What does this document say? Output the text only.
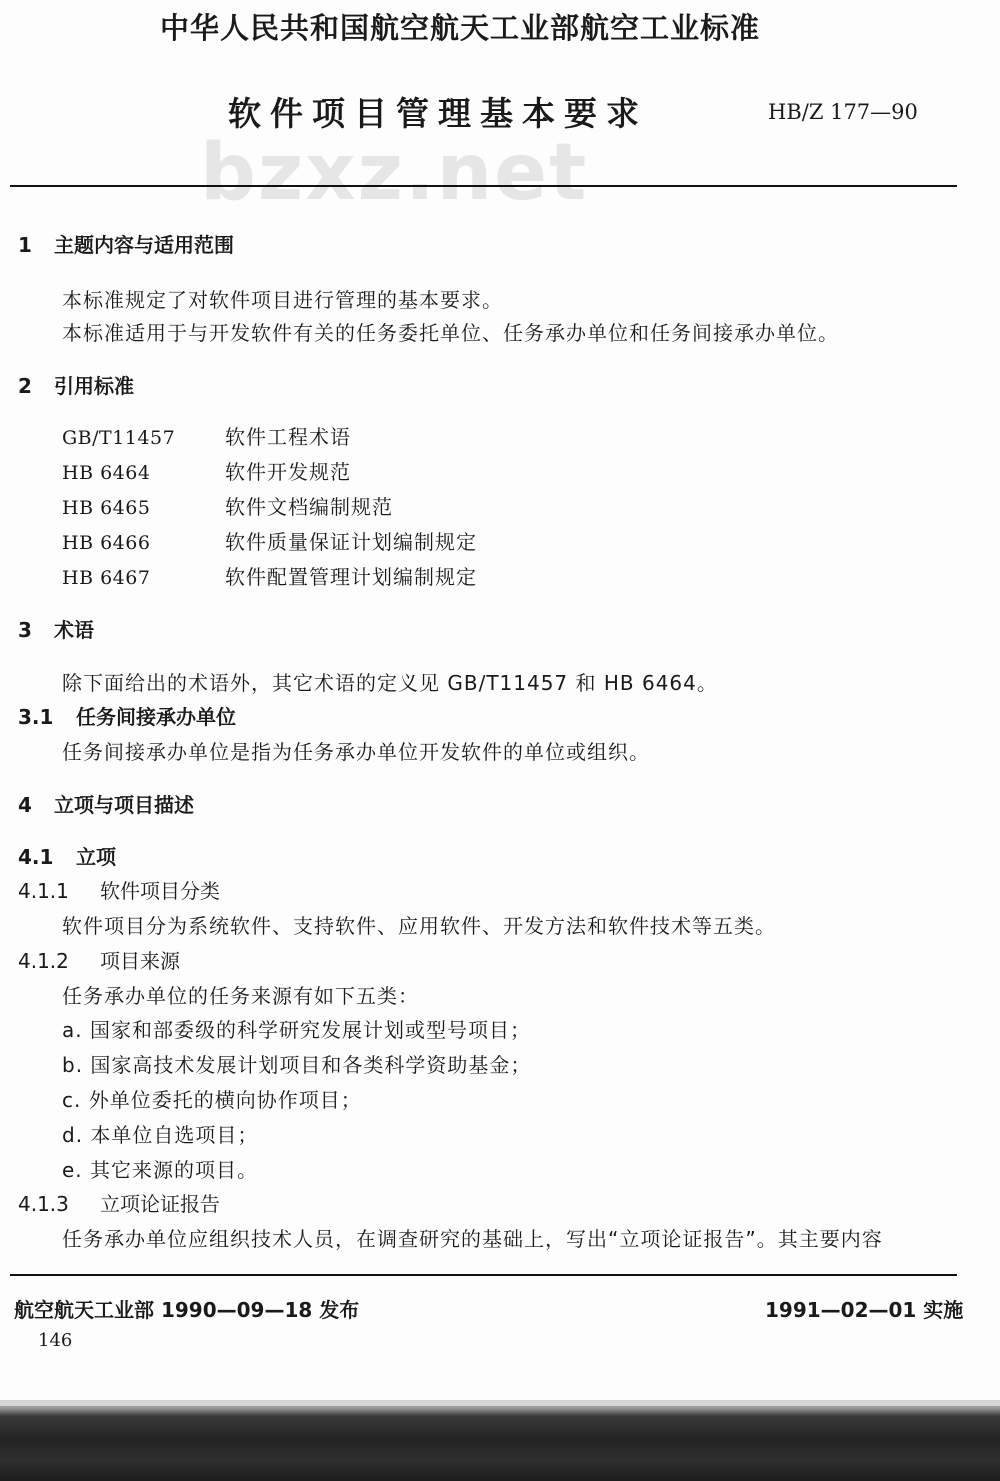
中华人民共和国航空航天工业部航空工业标准
软件项目管理基本要求	HB/Z 177—90
bzxz.net
1 主题内容与适用范围
本标准规定了对软件项目进行管理的基本要求。
本标准适用于与开发软件有关的任务委托单位、任务承办单位和任务间接承办单位。
2 引用标准
GB/T11457 软件工程术语
HB 6464	软件开发规范
HB 6465	软件文档编制规范
HB 6466	软件质量保证计划编制规定
HB 6467	软件配置管理计划编制规定
3 术语
除下面给出的术语外，其它术语的定义见 GB/T11457 和 HB 6464。
3.1 任务间接承办单位
任务间接承办单位是指为任务承办单位开发软件的单位或组织。
4 立项与项目描述
4.1 立项
4.1.1 软件项目分类
软件项目分为系统软件、支持软件、应用软件、开发方法和软件技术等五类。
4.1.2 项目来源
任务承办单位的任务来源有如下五类：
a. 国家和部委级的科学研究发展计划或型号项目；
b. 国家高技术发展计划项目和各类科学资助基金；
c. 外单位委托的横向协作项目；
d. 本单位自选项目；
e. 其它来源的项目。
4.1.3 立项论证报告
任务承办单位应组织技术人员，在调查研究的基础上，写出“立项论证报告”。其主要内容
航空航天工业部 1990—09—18 发布	1991—02—01 实施
146
